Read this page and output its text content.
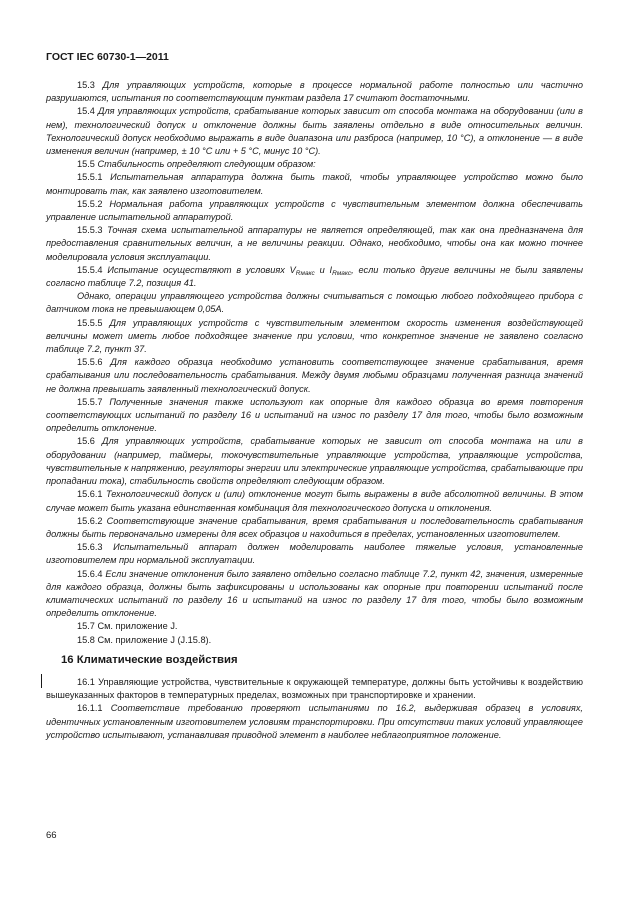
ГОСТ IEC 60730-1—2011

15.3 Для управляющих устройств, которые в процессе нормальной работе полностью или частично разрушаются, испытания по соответствующим пунктам раздела 17 считают достаточными.

15.4 Для управляющих устройств, срабатывание которых зависит от способа монтажа на оборудовании (или в нем), технологический допуск и отклонение должны быть заявлены отдельно в виде относительных величин. Технологический допуск необходимо выражать в виде диапазона или разброса (например, 10 °С), а отклонение — в виде изменения величин (например, ± 10 °С или + 5 °С, минус 10 °С).

15.5 Стабильность определяют следующим образом:

15.5.1 Испытательная аппаратура должна быть такой, чтобы управляющее устройство можно было монтировать так, как заявлено изготовителем.

15.5.2 Нормальная работа управляющих устройств с чувствительным элементом должна обеспечивать управление испытательной аппаратурой.

15.5.3 Точная схема испытательной аппаратуры не является определяющей, так как она предназначена для предоставления сравнительных величин, а не величины реакции. Однако, необходимо, чтобы она как можно точнее моделировала условия эксплуатации.

15.5.4 Испытание осуществляют в условиях $V_{Rмакс}$ и $I_{Rмакс}$, если только другие величины не были заявлены согласно таблице 7.2, позиция 41.

Однако, операции управляющего устройства должны считываться с помощью любого подходящего прибора с датчиком тока не превышающем 0,05А.

15.5.5 Для управляющих устройств с чувствительным элементом скорость изменения воздействующей величины может иметь любое подходящее значение при условии, что конкретное значение не заявлено согласно таблице 7.2, пункт 37.

15.5.6 Для каждого образца необходимо установить соответствующее значение срабатывания, время срабатывания или последовательность срабатывания. Между двумя любыми образцами полученная разница значений не должна превышать заявленный технологический допуск.

15.5.7 Полученные значения также используют как опорные для каждого образца во время повторения соответствующих испытаний по разделу 16 и испытаний на износ по разделу 17 для того, чтобы было возможным определить отклонение.

15.6 Для управляющих устройств, срабатывание которых не зависит от способа монтажа на или в оборудовании (например, таймеры, токочувствительные управляющие устройства, управляющие устройства, чувствительные к напряжению, регуляторы энергии или электрические управляющие устройства, срабатывающие при пропадании тока), стабильность свойств определяют следующим образом.

15.6.1 Технологический допуск и (или) отклонение могут быть выражены в виде абсолютной величины. В этом случае может быть указана единственная комбинация для технологического допуска и отклонения.

15.6.2 Соответствующие значение срабатывания, время срабатывания и последовательность срабатывания должны быть первоначально измерены для всех образцов и находиться в пределах, установленных изготовителем.

15.6.3 Испытательный аппарат должен моделировать наиболее тяжелые условия, установленные изготовителем при нормальной эксплуатации.

15.6.4 Если значение отклонения было заявлено отдельно согласно таблице 7.2, пункт 42, значения, измеренные для каждого образца, должны быть зафиксированы и использованы как опорные при повторении испытаний после климатических испытаний по разделу 16 и испытаний на износ по разделу 17 для того, чтобы было возможным определить отклонение.

15.7 См. приложение J.

15.8 См. приложение J (J.15.8).

16 Климатические воздействия

16.1 Управляющие устройства, чувствительные к окружающей температуре, должны быть устойчивы к воздействию вышеуказанных факторов в температурных пределах, возможных при транспортировке и хранении.

16.1.1 Соответствие требованию проверяют испытаниями по 16.2, выдерживая образец в условиях, идентичных установленным изготовителем условиям транспортировки. При отсутствии таких условий управляющее устройство испытывают, устанавливая приводной элемент в наиболее неблагоприятное положение.

66
